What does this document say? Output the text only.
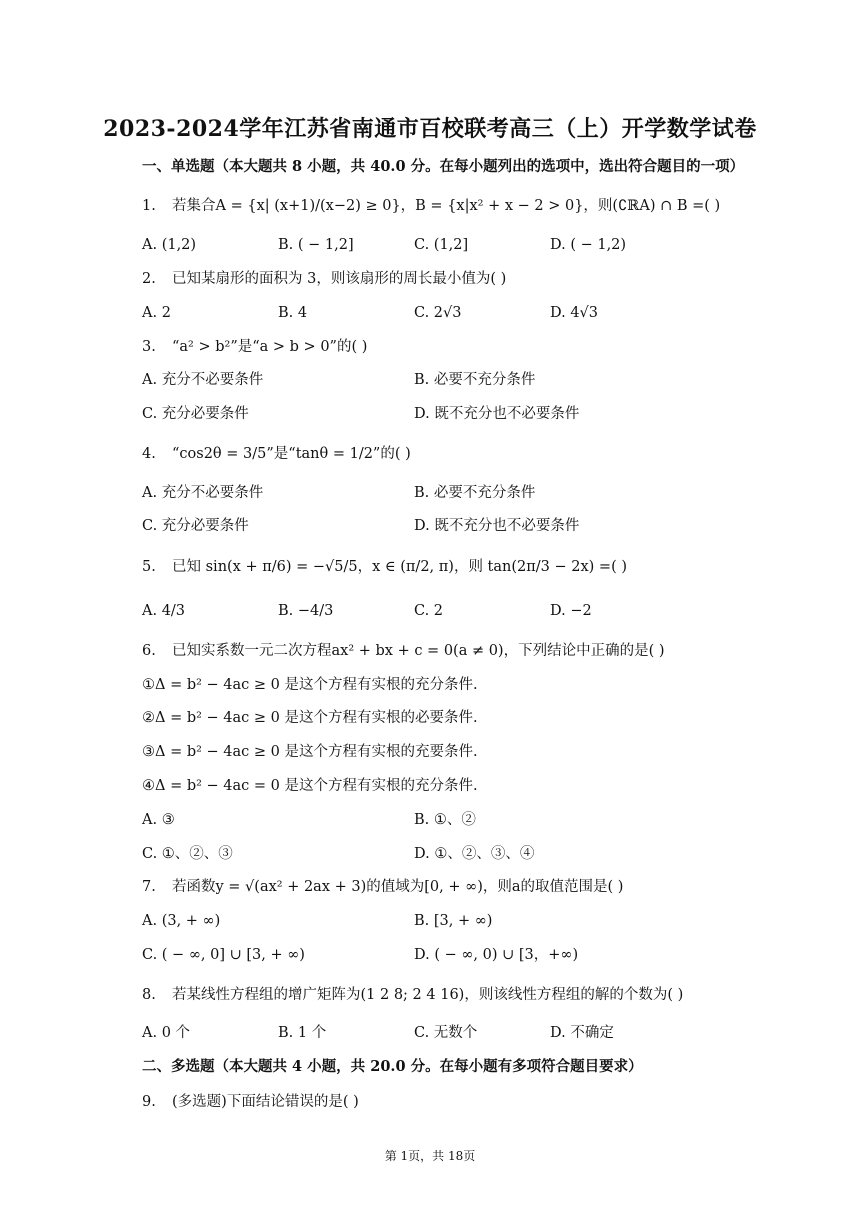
2023-2024学年江苏省南通市百校联考高三（上）开学数学试卷
一、单选题（本大题共 8 小题，共 40.0 分。在每小题列出的选项中，选出符合题目的一项）
1. 若集合A = {x| (x+1)/(x−2) ≥ 0}，B = {x|x² + x − 2 > 0}，则(∁ℝA) ∩ B =( )
A. (1,2)	B. ( − 1,2]	C. (1,2]	D. ( − 1,2)
2. 已知某扇形的面积为 3，则该扇形的周长最小值为( )
A. 2	B. 4	C. 2√3	D. 4√3
3. “a² > b²”是“a > b > 0”的( )
A. 充分不必要条件	B. 必要不充分条件
C. 充分必要条件	D. 既不充分也不必要条件
4. “cos2θ = 3/5”是“tanθ = 1/2”的( )
A. 充分不必要条件	B. 必要不充分条件
C. 充分必要条件	D. 既不充分也不必要条件
5. 已知 sin(x + π/6) = −√5/5，x ∈ (π/2, π)，则 tan(2π/3 − 2x) =( )
A. 4/3	B. −4/3	C. 2	D. −2
6. 已知实系数一元二次方程ax² + bx + c = 0(a ≠ 0)，下列结论中正确的是( )
①Δ = b² − 4ac ≥ 0 是这个方程有实根的充分条件.
②Δ = b² − 4ac ≥ 0 是这个方程有实根的必要条件.
③Δ = b² − 4ac ≥ 0 是这个方程有实根的充要条件.
④Δ = b² − 4ac = 0 是这个方程有实根的充分条件.
A. ③	B. ①、②
C. ①、②、③	D. ①、②、③、④
7. 若函数y = √(ax² + 2ax + 3)的值域为[0, + ∞)，则a的取值范围是( )
A. (3, + ∞)	B. [3, + ∞)
C. ( − ∞, 0] ∪ [3, + ∞)	D. ( − ∞, 0) ∪ [3，+∞)
8. 若某线性方程组的增广矩阵为(1 2 8; 2 4 16)，则该线性方程组的解的个数为( )
A. 0 个	B. 1 个	C. 无数个	D. 不确定
二、多选题（本大题共 4 小题，共 20.0 分。在每小题有多项符合题目要求）
9. (多选题)下面结论错误的是( )
第 1页，共 18页
